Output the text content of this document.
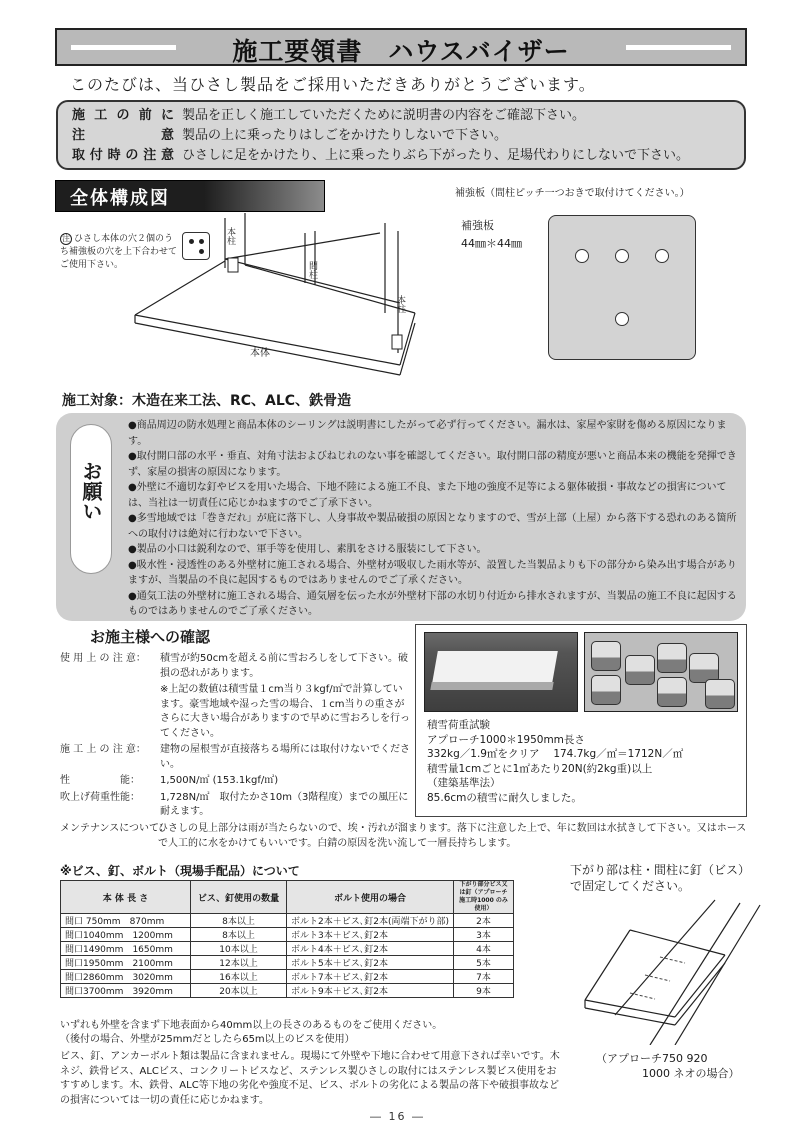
施工要領書　ハウスバイザー
このたびは、当ひさし製品をご採用いただきありがとうございます。
施工の前に 製品を正しく施工していただくために説明書の内容をご確認下さい。
注意 製品の上に乗ったりはしごをかけたりしないで下さい。
取付時の注意 ひさしに足をかけたり、上に乗ったりぶら下がったり、足場代わりにしないで下さい。
全体構成図
注 ひさし本体の穴２個のうち補強板の穴を上下合わせてご使用下さい。
本柱
間柱
本柱
本体
補強板（間柱ピッチ一つおきで取付けてください。）
補強板
44㎜＊44㎜
施工対象：木造在来工法、RC、ALC、鉄骨造
お願い
●商品周辺の防水処理と商品本体のシーリングは説明書にしたがって必ず行ってください。漏水は、家屋や家財を傷める原因になります。
●取付開口部の水平・垂直、対角寸法およびねじれのない事を確認してください。取付開口部の精度が悪いと商品本来の機能を発揮できず、家屋の損害の原因になります。
●外壁に不適切な釘やビスを用いた場合、下地不陸による施工不良、また下地の強度不足等による躯体破損・事故などの損害については、当社は一切責任に応じかねますのでご了承下さい。
●多雪地域では「巻きだれ」が庇に落下し、人身事故や製品破損の原因となりますので、雪が上部（上屋）から落下する恐れのある箇所への取付けは絶対に行わないで下さい。
●製品の小口は鋭利なので、軍手等を使用し、素肌をさける服装にして下さい。
●吸水性・浸透性のある外壁材に施工される場合、外壁材が吸収した雨水等が、設置した当製品よりも下の部分から染み出す場合がありますが、当製品の不良に起因するものではありませんのでご了承ください。
●通気工法の外壁材に施工される場合、通気層を伝った水が外壁材下部の水切り付近から排水されますが、当製品の施工不良に起因するものではありませんのでご了承ください。
お施主様への確認
使 用 上 の 注 意：	積雪が約50cmを超える前に雪おろしをして下さい。破損の恐れがあります。
※上記の数値は積雪量１cm当り３kgf/㎡で計算しています。豪雪地域や湿った雪の場合、１cm当りの重さがさらに大きい場合がありますので早めに雪おろしを行ってください。
施 工 上 の 注 意：	建物の屋根雪が直接落ちる場所には取付けないでください。
性　　　　　能：	1,500N/㎡ (153.1kgf/㎡)
吹上げ荷重性能：	1,728N/㎡　取付たかさ10m（3階程度）までの風圧に耐えます。
メンテナンスについて：
ひさしの見上部分は雨が当たらないので、埃・汚れが溜まります。落下に注意した上で、年に数回は水拭きして下さい。又はホースで人工的に水をかけてもいいです。白錆の原因を洗い流して一層長持ちします。
積雪荷重試験
アプローチ1000＊1950mm長さ
332kg／1.9㎡をクリア　 174.7kg／㎡＝1712N／㎡
積雪量1cmごとに1㎡あたり20N(約2kg重)以上
（建築基準法）
85.6cmの積雪に耐久しました。
※ビス、釘、ボルト（現場手配品）について
本 体 長 さ	ビス、釘使用の数量	ボルト使用の場合	下がり部分ビス又は釘（アプローチ施工時1000 のみ使用）
間口 750mm　870mm	8本以上	ボルト2本＋ビス､釘2本(両端下がり部)	2本
間口1040mm　1200mm	8本以上	ボルト3本＋ビス､釘2本	3本
間口1490mm　1650mm	10本以上	ボルト4本＋ビス､釘2本	4本
間口1950mm　2100mm	12本以上	ボルト5本＋ビス､釘2本	5本
間口2860mm　3020mm	16本以上	ボルト7本＋ビス､釘2本	7本
間口3700mm　3920mm	20本以上	ボルト9本＋ビス､釘2本	9本
いずれも外壁を含まず下地表面から40mm以上の長さのあるものをご使用ください。
（後付の場合、外壁が25mmだとしたら65m以上のビスを使用）
ビス、釘、アンカーボルト類は製品に含まれません。現場にて外壁や下地に合わせて用意下されば幸いです。木ネジ、鉄骨ビス、ALCビス、コンクリートビスなど、ステンレス製ひさしの取付にはステンレス製ビス使用をおすすめします。木、鉄骨、ALC等下地の劣化や強度不足、ビス、ボルトの劣化による製品の落下や破損事故などの損害については一切の責任に応じかねます。
下がり部は柱・間柱に釘（ビス）で固定してください。
（アプローチ750 920
1000 ネオの場合）
― 16 ―
